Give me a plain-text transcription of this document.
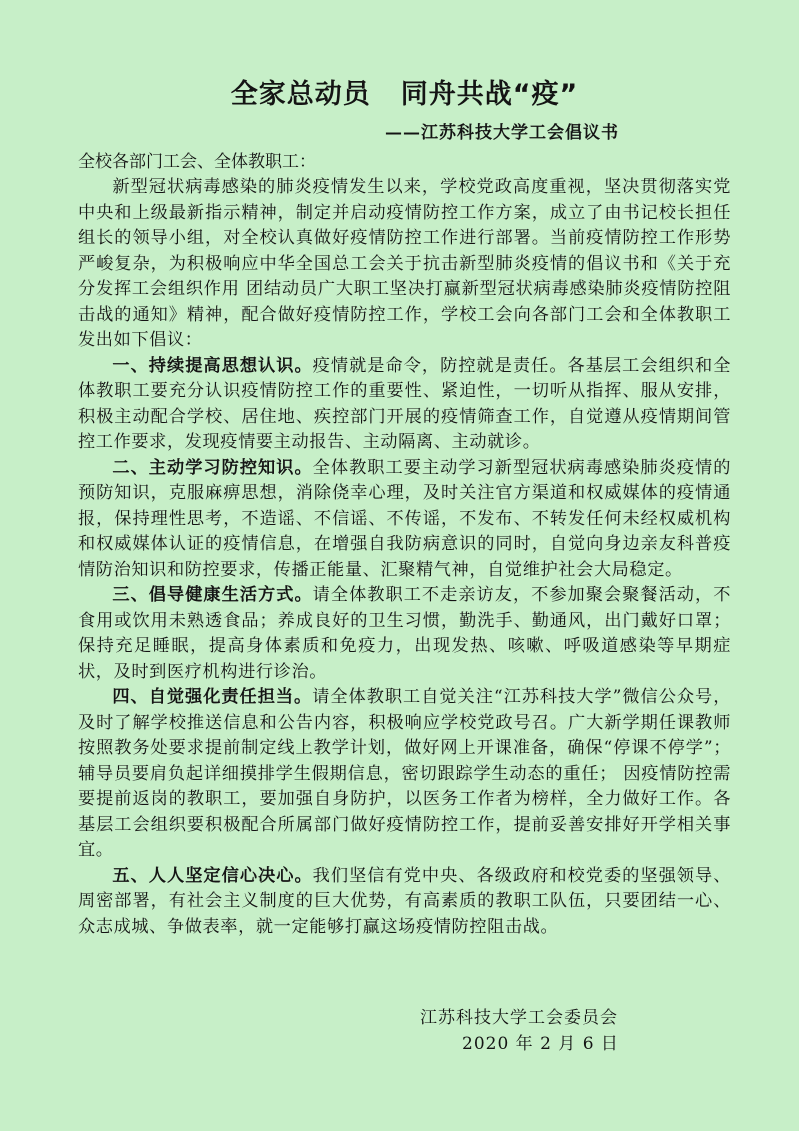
全家总动员 同舟共战“疫”
——江苏科技大学工会倡议书

全校各部门工会、全体教职工：

新型冠状病毒感染的肺炎疫情发生以来，学校党政高度重视，坚决贯彻落实党中央和上级最新指示精神，制定并启动疫情防控工作方案，成立了由书记校长担任组长的领导小组，对全校认真做好疫情防控工作进行部署。当前疫情防控工作形势严峻复杂，为积极响应中华全国总工会关于抗击新型肺炎疫情的倡议书和《关于充分发挥工会组织作用 团结动员广大职工坚决打赢新型冠状病毒感染肺炎疫情防控阻击战的通知》精神，配合做好疫情防控工作，学校工会向各部门工会和全体教职工发出如下倡议：

一、持续提高思想认识。疫情就是命令，防控就是责任。各基层工会组织和全体教职工要充分认识疫情防控工作的重要性、紧迫性，一切听从指挥、服从安排，积极主动配合学校、居住地、疾控部门开展的疫情筛查工作，自觉遵从疫情期间管控工作要求，发现疫情要主动报告、主动隔离、主动就诊。

二、主动学习防控知识。全体教职工要主动学习新型冠状病毒感染肺炎疫情的预防知识，克服麻痹思想，消除侥幸心理，及时关注官方渠道和权威媒体的疫情通报，保持理性思考，不造谣、不信谣、不传谣，不发布、不转发任何未经权威机构和权威媒体认证的疫情信息，在增强自我防病意识的同时，自觉向身边亲友科普疫情防治知识和防控要求，传播正能量、汇聚精气神，自觉维护社会大局稳定。

三、倡导健康生活方式。请全体教职工不走亲访友，不参加聚会聚餐活动，不食用或饮用未熟透食品；养成良好的卫生习惯，勤洗手、勤通风，出门戴好口罩；保持充足睡眠，提高身体素质和免疫力，出现发热、咳嗽、呼吸道感染等早期症状，及时到医疗机构进行诊治。

四、自觉强化责任担当。请全体教职工自觉关注“江苏科技大学”微信公众号，及时了解学校推送信息和公告内容，积极响应学校党政号召。广大新学期任课教师按照教务处要求提前制定线上教学计划，做好网上开课准备，确保“停课不停学”；辅导员要肩负起详细摸排学生假期信息，密切跟踪学生动态的重任； 因疫情防控需要提前返岗的教职工，要加强自身防护，以医务工作者为榜样，全力做好工作。各基层工会组织要积极配合所属部门做好疫情防控工作，提前妥善安排好开学相关事宜。

五、人人坚定信心决心。我们坚信有党中央、各级政府和校党委的坚强领导、周密部署，有社会主义制度的巨大优势，有高素质的教职工队伍，只要团结一心、众志成城、争做表率，就一定能够打赢这场疫情防控阻击战。

江苏科技大学工会委员会
2020 年 2 月 6 日
